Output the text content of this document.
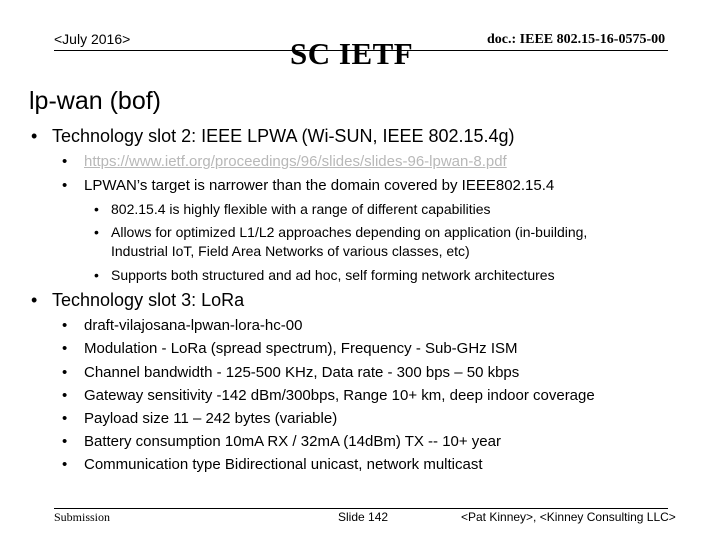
<July 2016>	SC IETF	doc.: IEEE 802.15-16-0575-00
lp-wan (bof)
• Technology slot 2: IEEE LPWA (Wi-SUN, IEEE 802.15.4g)
• https://www.ietf.org/proceedings/96/slides/slides-96-lpwan-8.pdf
• LPWAN’s target is narrower than the domain covered by IEEE802.15.4
• 802.15.4 is highly flexible with a range of different capabilities
• Allows for optimized L1/L2 approaches depending on application (in-building,
Industrial IoT, Field Area Networks of various classes, etc)
• Supports both structured and ad hoc, self forming network architectures
• Technology slot 3: LoRa
• draft-vilajosana-lpwan-lora-hc-00
• Modulation - LoRa (spread spectrum), Frequency - Sub-GHz ISM
• Channel bandwidth - 125-500 KHz, Data rate - 300 bps – 50 kbps
• Gateway sensitivity -142 dBm/300bps, Range 10+ km, deep indoor coverage
• Payload size 11 – 242 bytes (variable)
• Battery consumption 10mA RX / 32mA (14dBm) TX -- 10+ year
• Communication type Bidirectional unicast, network multicast
Submission	Slide 142	<Pat Kinney>, <Kinney Consulting LLC>
